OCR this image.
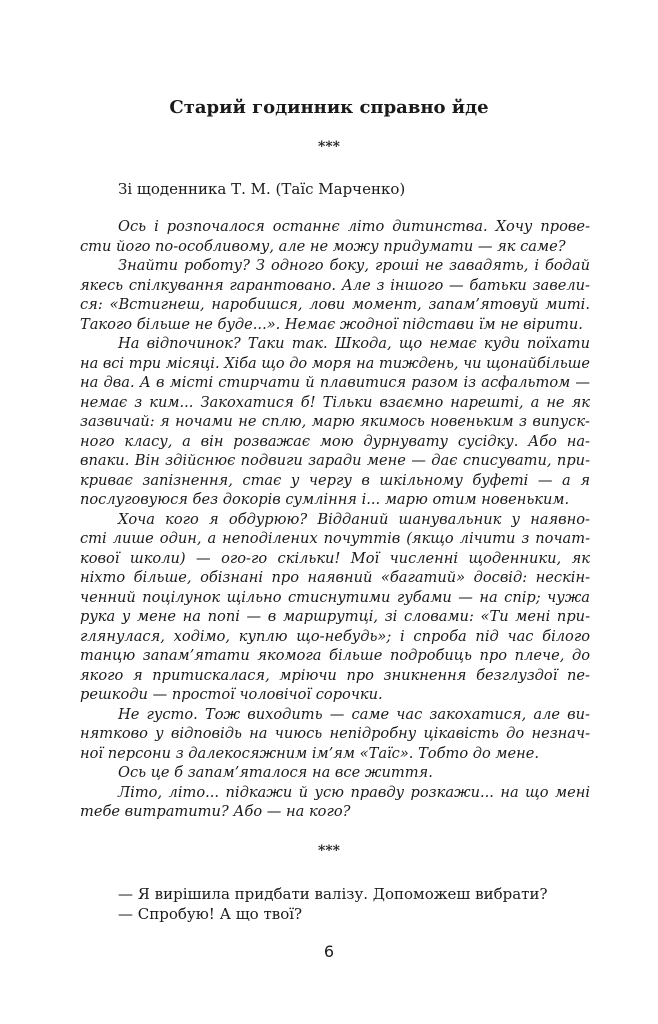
Старий годинник справно йде
***
Зі щоденника Т. М. (Таїс Марченко)
Ось і розпочалося останнє літо дитинства. Хочу прове-
сти його по-особливому, але не можу придумати — як саме?
Знайти роботу? З одного боку, гроші не завадять, і бодай
якесь спілкування гарантовано. Але з іншого — батьки завели-
ся: «Встигнеш, наробишся, лови момент, запам’ятовуй миті.
Такого більше не буде...». Немає жодної підстави їм не вірити.
На відпочинок? Таки так. Шкода, що немає куди поїхати
на всі три місяці. Хіба що до моря на тиждень, чи щонайбільше
на два. А в місті стирчати й плавитися разом із асфальтом —
немає з ким... Закохатися б! Тільки взаємно нарешті, а не як
зазвичай: я ночами не сплю, марю якимось новеньким з випуск-
ного класу, а він розважає мою дурнувату сусідку. Або на-
впаки. Він здійснює подвиги заради мене — дає списувати, при-
криває запізнення, стає у чергу в шкільному буфеті — а я
послуговуюся без докорів сумління і... марю отим новеньким.
Хоча кого я обдурюю? Відданий шанувальник у наявно-
сті лише один, а неподілених почуттів (якщо лічити з почат-
кової школи) — ого-го скільки! Мої численні щоденники, як
ніхто більше, обізнані про наявний «багатий» досвід: нескін-
ченний поцілунок щільно стиснутими губами — на спір; чужа
рука у мене на попі — в маршрутці, зі словами: «Ти мені при-
глянулася, ходімо, куплю що-небудь»; і спроба під час білого
танцю запам’ятати якомога більше подробиць про плече, до
якого я притискалася, мріючи про зникнення безглуздої пе-
решкоди — простої чоловічої сорочки.
Не густо. Тож виходить — саме час закохатися, але ви-
нятково у відповідь на чиюсь непідробну цікавість до незнач-
ної персони з далекосяжним ім’ям «Таїс». Тобто до мене.
Ось це б запам’яталося на все життя.
Літо, літо... підкажи й усю правду розкажи... на що мені
тебе витратити? Або — на кого?
***
— Я вирішила придбати валізу. Допоможеш вибрати?
— Спробую! А що твої?
6
